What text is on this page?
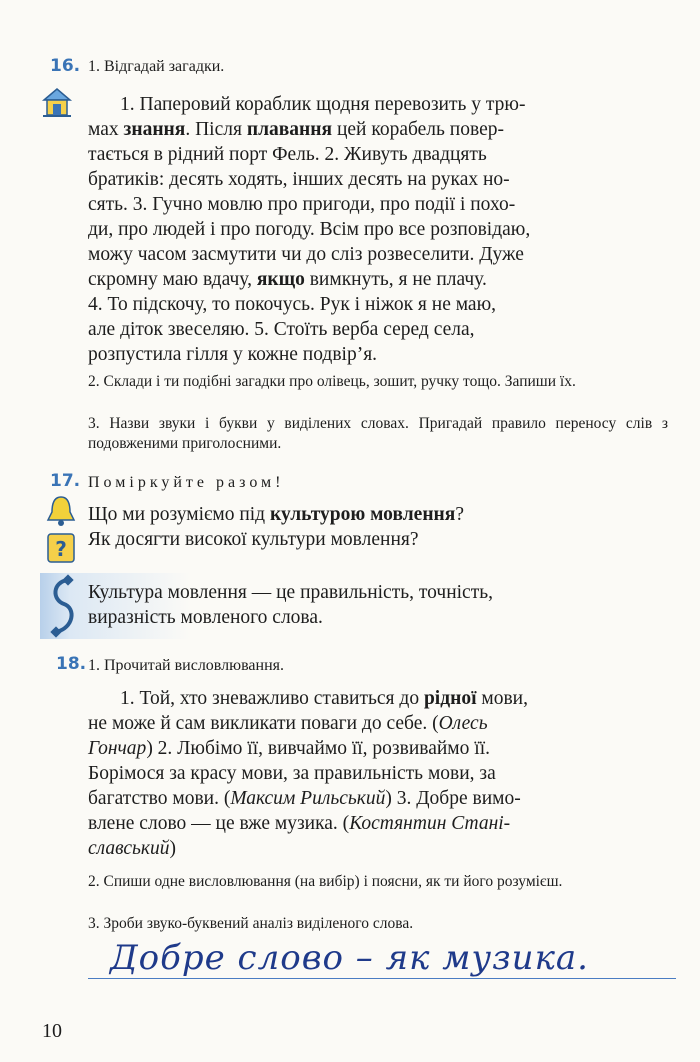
16. 1. Відгадай загадки.
1. Паперовий кораблик щодня перевозить у трю-
мах знання. Після плавання цей корабель повер-
тається в рідний порт Фель. 2. Живуть двадцять
братиків: десять ходять, інших десять на руках но-
сять. 3. Гучно мовлю про пригоди, про події і похо-
ди, про людей і про погоду. Всім про все розповідаю,
можу часом засмутити чи до сліз розвеселити. Дуже
скромну маю вдачу, якщо вимкнуть, я не плачу.
4. То підскочу, то покочусь. Рук і ніжок я не маю,
але діток звеселяю. 5. Стоїть верба серед села,
розпустила гілля у кожне подвір’я.
2. Склади і ти подібні загадки про олівець, зошит, ручку тощо. Запиши їх.
3. Назви звуки і букви у виділених словах. Пригадай правило переносу слів з подовженими приголосними.
17. Поміркуйте разом!
?
Що ми розуміємо під культурою мовлення?
Як досягти високої культури мовлення?
Культура мовлення — це правильність, точність,
виразність мовленого слова.
18. 1. Прочитай висловлювання.
1. Той, хто зневажливо ставиться до рідної мови,
не може й сам викликати поваги до себе. (Олесь
Гончар) 2. Любімо її, вивчаймо її, розвиваймо її.
Борімося за красу мови, за правильність мови, за
багатство мови. (Максим Рильський) 3. Добре вимо-
влене слово — це вже музика. (Костянтин Стані-
славський)
2. Спиши одне висловлювання (на вибір) і поясни, як ти його розумієш.
3. Зроби звуко-буквений аналіз виділеного слова.
Добре слово – як музика.
10
